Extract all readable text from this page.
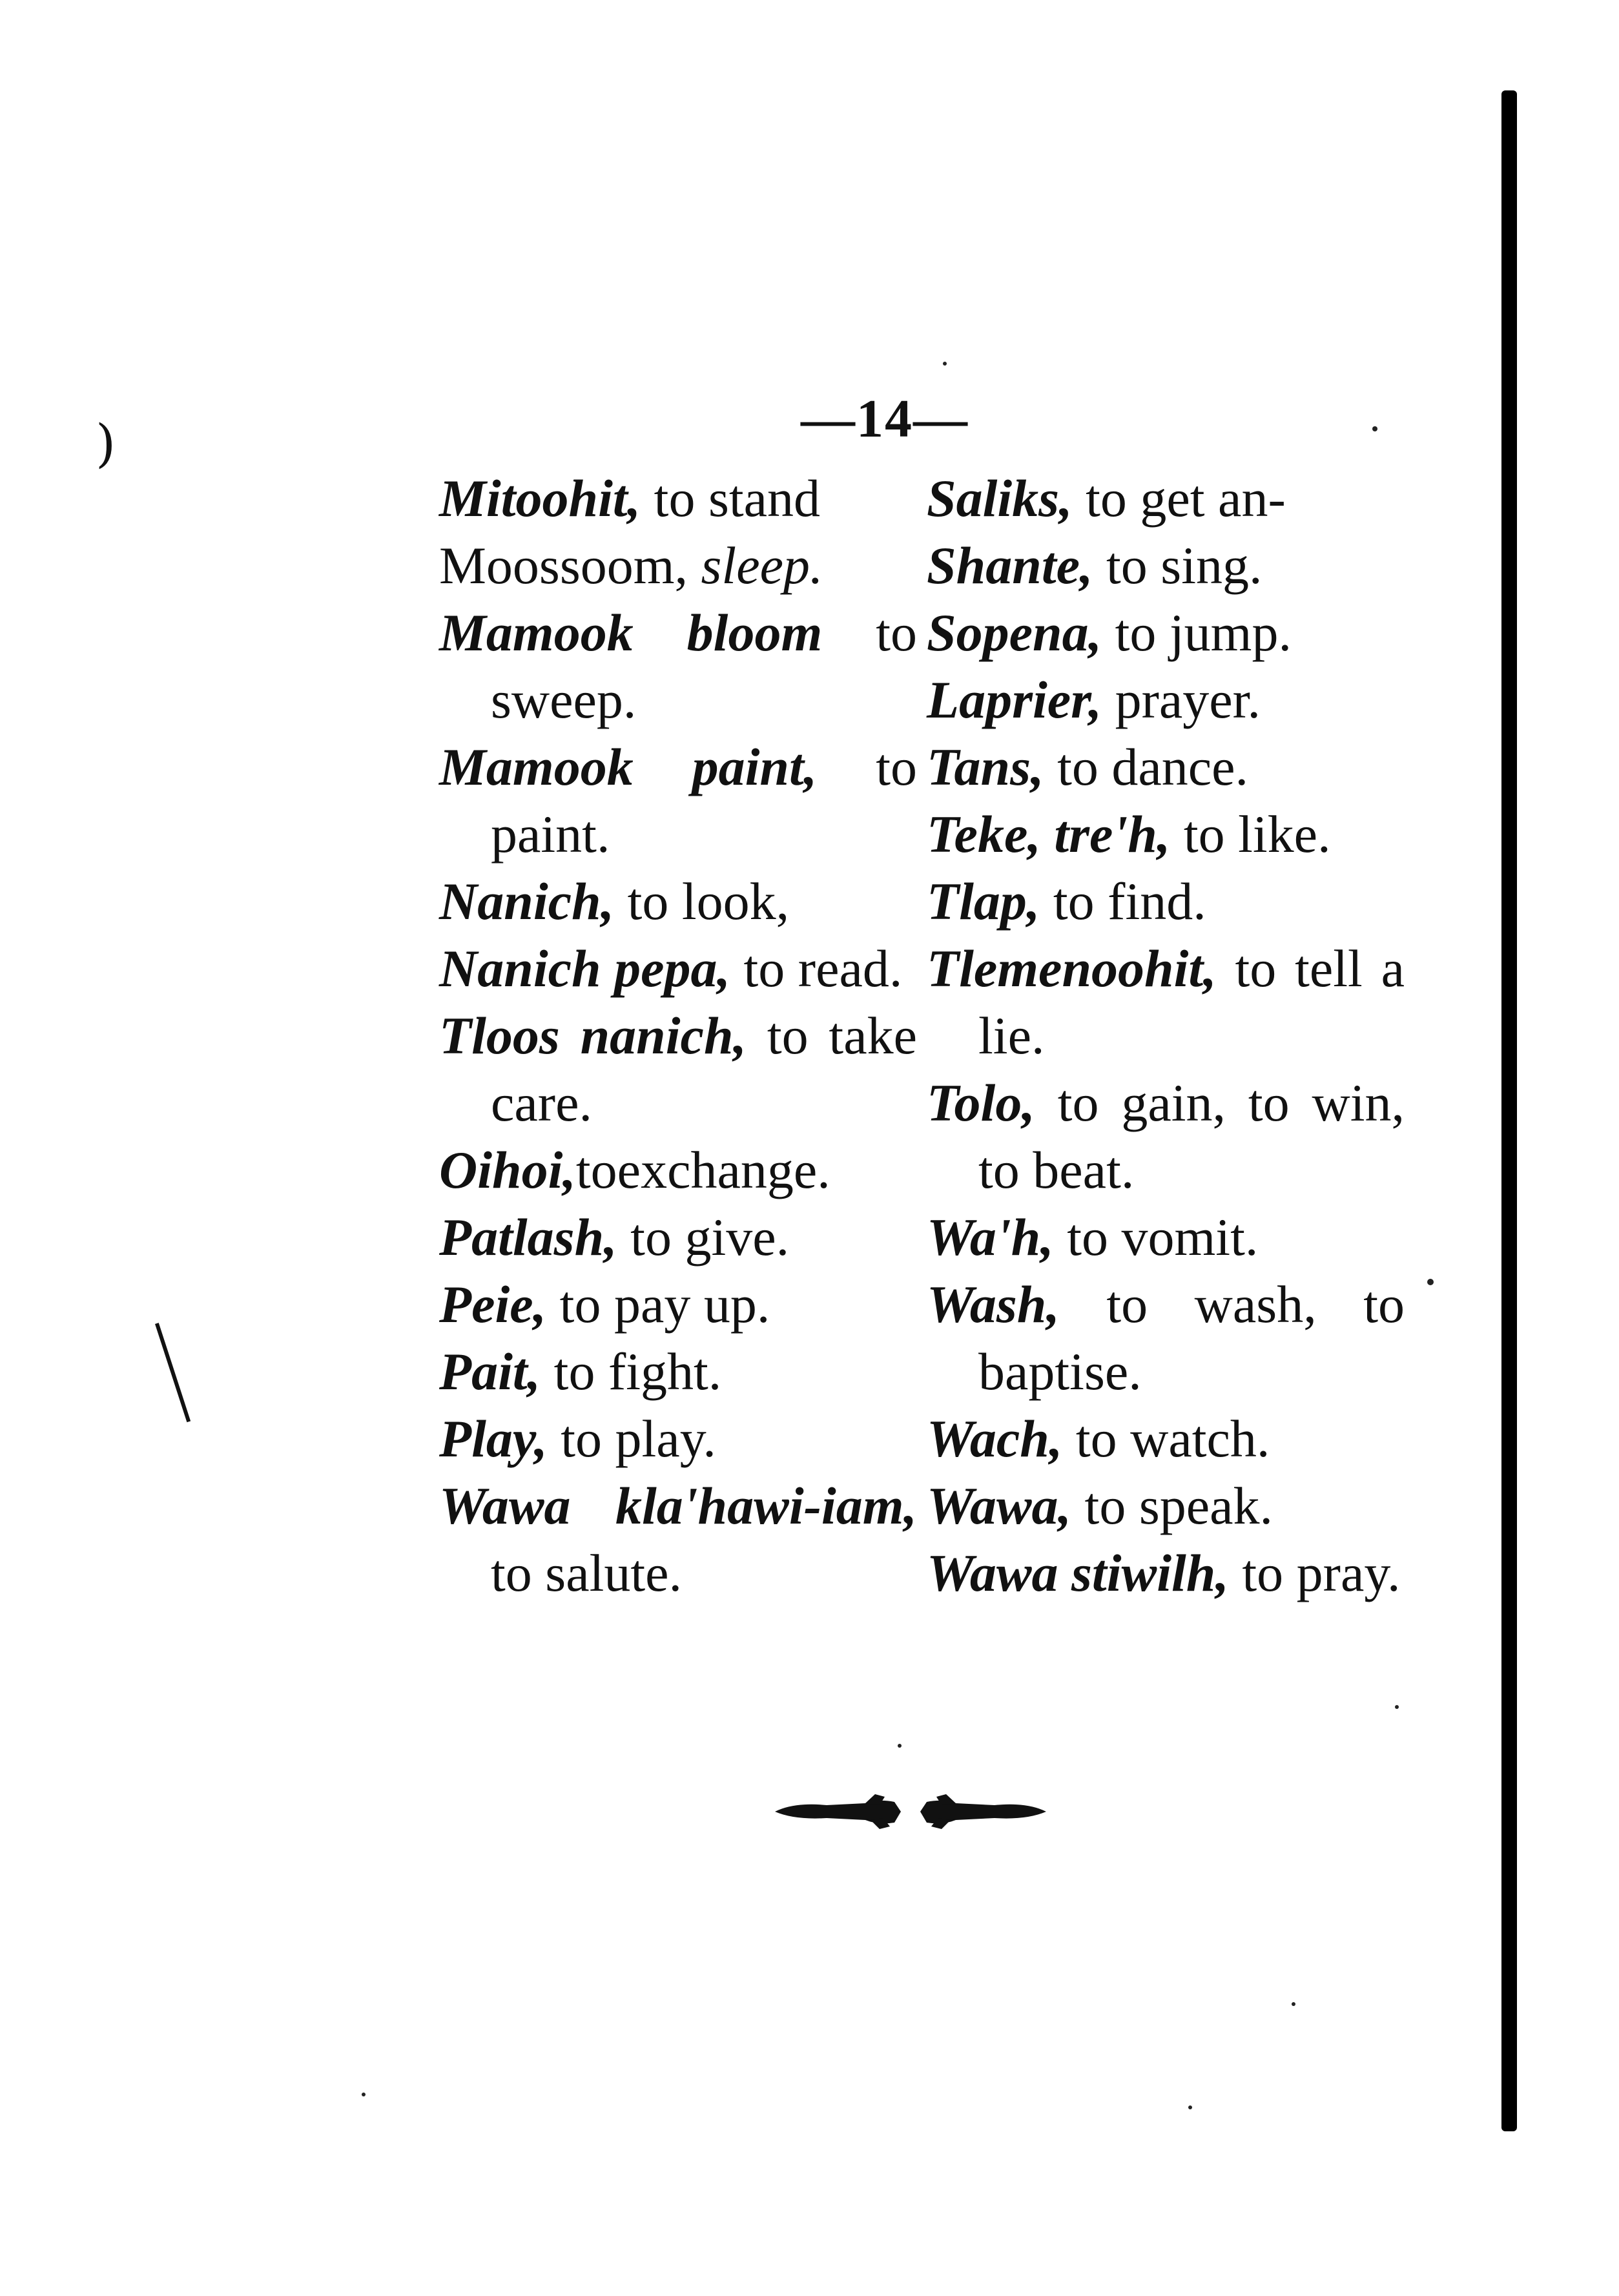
)	—14—
Mitoohit, to stand
Moossoom, sleep.
Mamook bloom to sweep.
Mamook paint, to paint.
Nanich, to look,
Nanich pepa, to read.
Tloos nanich, to take care.
Oihoi,toexchange.
Patlash, to give.
Peie, to pay up.
Pait, to fight.
Play, to play.
Wawa kla'hawi-iam, to salute.
Saliks, to get an-
Shante, to sing.
Sopena, to jump.
Laprier, prayer.
Tans, to dance.
Teke, tre'h, to like.
Tlap, to find.
Tlemenoohit, to tell a lie.
Tolo, to gain, to win, to beat.
Wa'h, to vomit.
Wash, to wash, to baptise.
Wach, to watch.
Wawa, to speak.
Wawa stiwilh, to pray.
